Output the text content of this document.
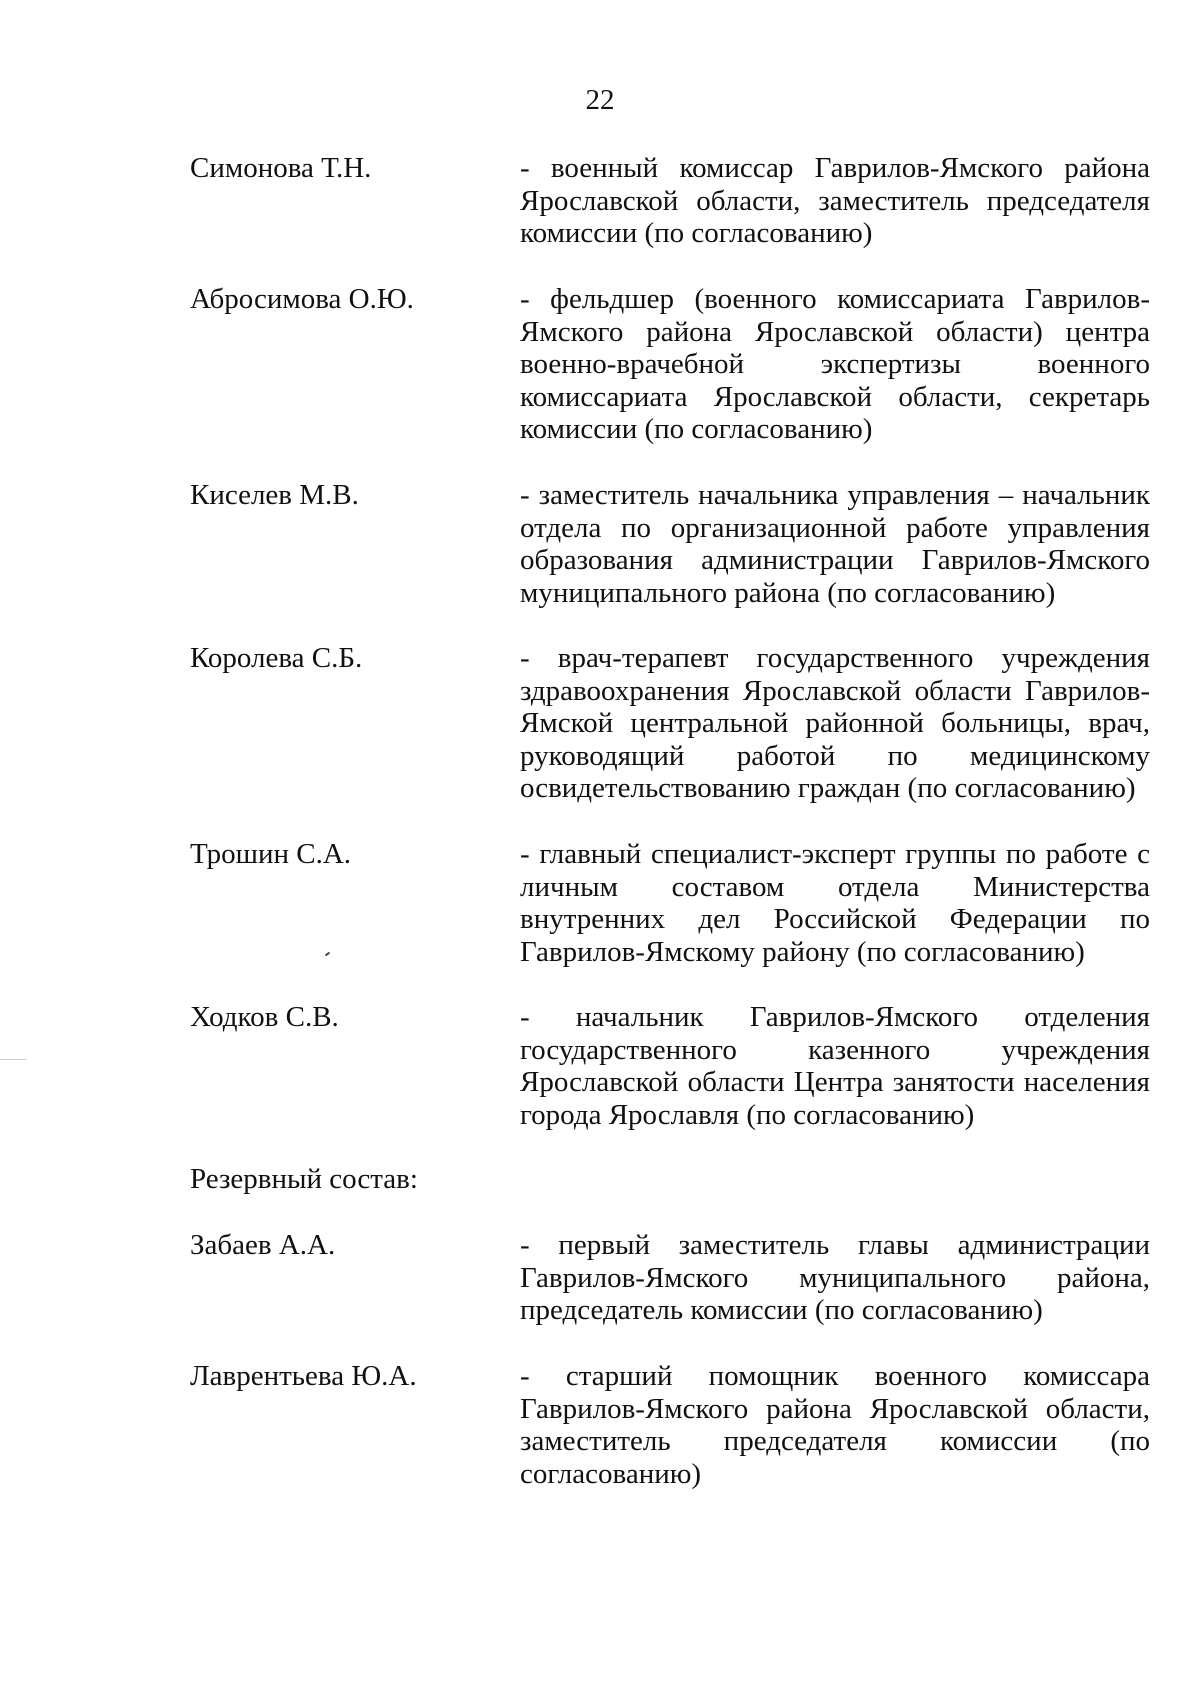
22
Симонова Т.Н.	- военный комиссар Гаврилов-Ямского района Ярославской области, заместитель председателя комиссии (по согласованию)
Абросимова О.Ю.	- фельдшер (военного комиссариата Гаврилов-Ямского района Ярославской области) центра военно-врачебной экспертизы военного комиссариата Ярославской области, секретарь комиссии (по согласованию)
Киселев М.В.	- заместитель начальника управления – начальник отдела по организационной работе управления образования администрации Гаврилов-Ямского муниципального района (по согласованию)
Королева С.Б.	- врач-терапевт государственного учреждения здравоохранения Ярославской области Гаврилов-Ямской центральной районной больницы, врач, руководящий работой по медицинскому освидетельствованию граждан (по согласованию)
Трошин С.А.	- главный специалист-эксперт группы по работе с личным составом отдела Министерства внутренних дел Российской Федерации по Гаврилов-Ямскому району (по согласованию)
Ходков С.В.	- начальник Гаврилов-Ямского отделения государственного казенного учреждения Ярославской области Центра занятости населения города Ярославля (по согласованию)
Резервный состав:
Забаев А.А.	- первый заместитель главы администрации Гаврилов-Ямского муниципального района, председатель комиссии (по согласованию)
Лаврентьева Ю.А.	- старший помощник военного комиссара Гаврилов-Ямского района Ярославской области, заместитель председателя комиссии (по согласованию)
